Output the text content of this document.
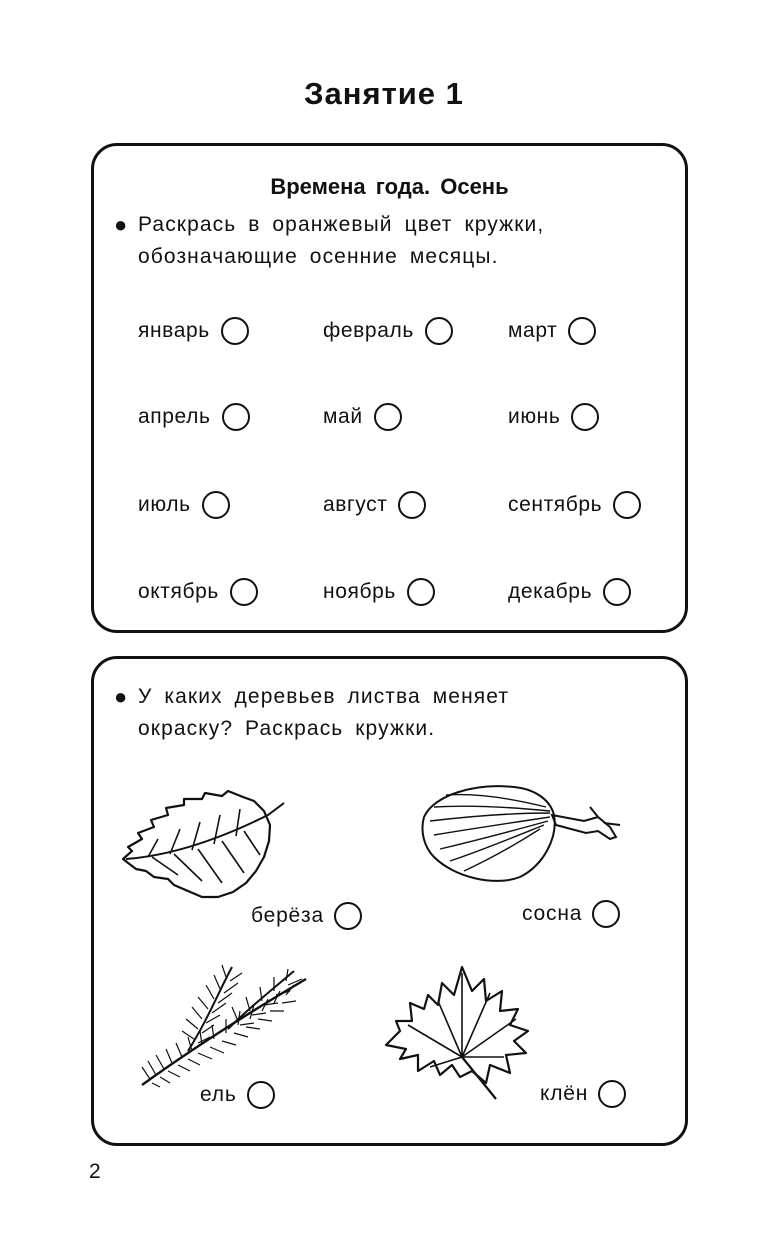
Занятие 1
Времена года. Осень
● Раскрась в оранжевый цвет кружки,
обозначающие осенние месяцы.
январь	февраль	март
апрель	май	июнь
июль	август	сентябрь
октябрь	ноябрь	декабрь
● У каких деревьев листва меняет
окраску? Раскрась кружки.
берёза	сосна
ель	клён
2
